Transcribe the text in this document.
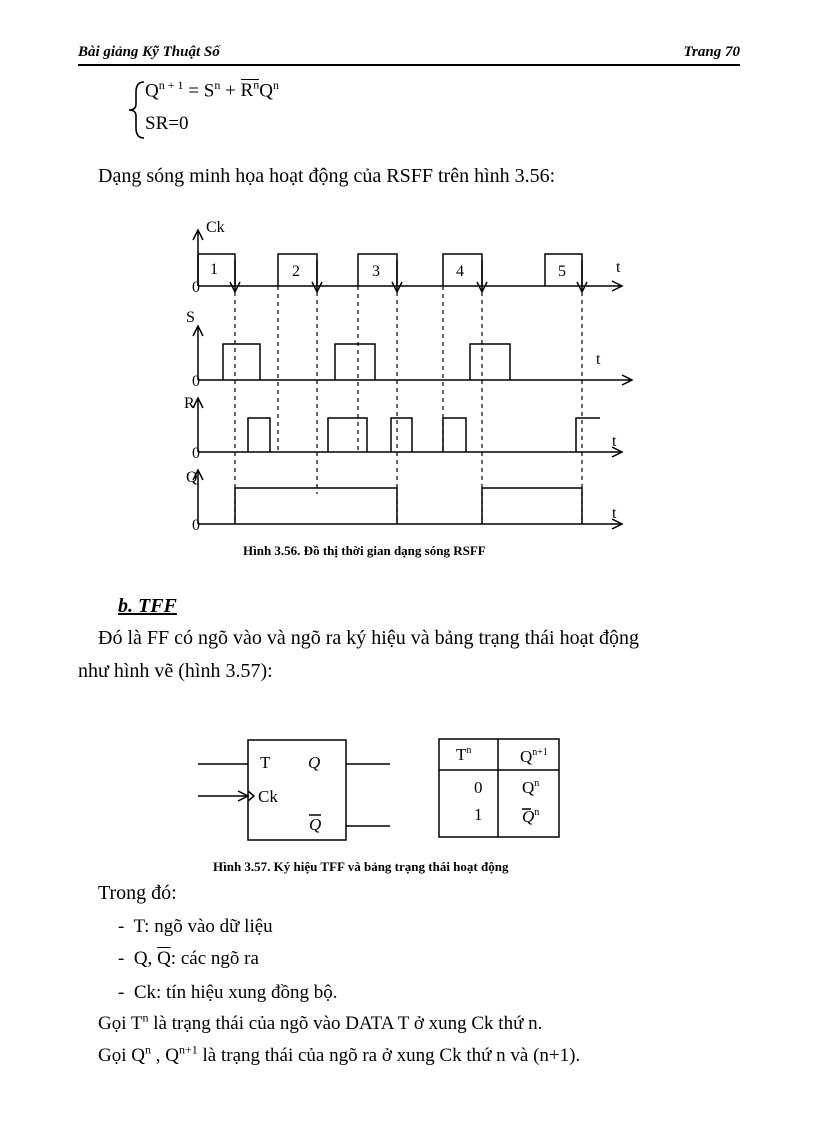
Bài giảng Kỹ Thuật Số	Trang 70
$Q^{n + 1} = S^n + R^nQ^n$
SR=0
Dạng sóng minh họa hoạt động của RSFF trên hình 3.56:
Ck
1	2	3	4	5	t
0
S
t
0
R
t
0
Q
t
0
Hình 3.56. Đồ thị thời gian dạng sóng RSFF
b. TFF
Đó là FF có ngõ vào và ngõ ra ký hiệu và bảng trạng thái hoạt động
như hình vẽ (hình 3.57):
T Q
Ck
Q
$T^n$	$Q^{n+1}$
0 $Q^n$
1 $Q^n$
Hình 3.57. Ký hiệu TFF và bảng trạng thái hoạt động
Trong đó:
- T: ngõ vào dữ liệu
- Q, $\overline{Q}$: các ngõ ra
- Ck: tín hiệu xung đồng bộ.
Gọi $T^n$ là trạng thái của ngõ vào DATA T ở xung Ck thứ n.
Gọi $Q^n$ , $Q^{n+1}$ là trạng thái của ngõ ra ở xung Ck thứ n và (n+1).
